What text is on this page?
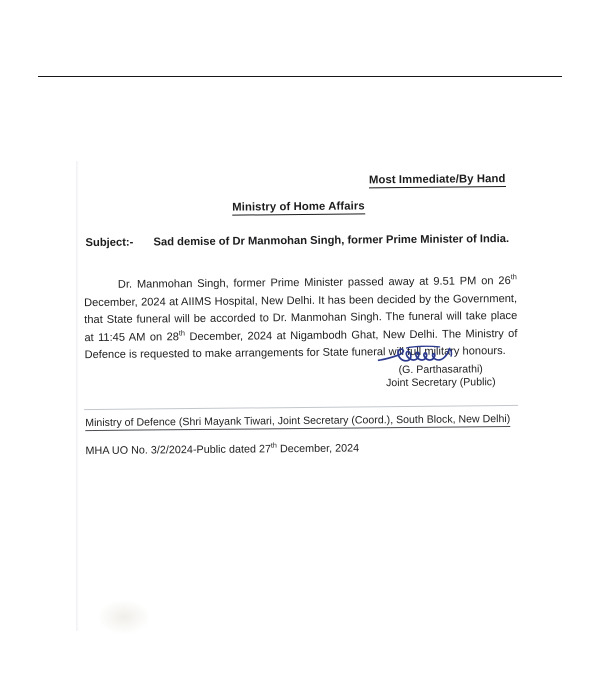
Most Immediate/By Hand
Ministry of Home Affairs
Subject:- Sad demise of Dr Manmohan Singh, former Prime Minister of India.
Dr. Manmohan Singh, former Prime Minister passed away at 9.51 PM on 26th December, 2024 at AIIMS Hospital, New Delhi. It has been decided by the Government, that State funeral will be accorded to Dr. Manmohan Singh. The funeral will take place at 11:45 AM on 28th December, 2024 at Nigambodh Ghat, New Delhi. The Ministry of Defence is requested to make arrangements for State funeral will full military honours.
(G. Parthasarathi)
Joint Secretary (Public)
Ministry of Defence (Shri Mayank Tiwari, Joint Secretary (Coord.), South Block, New Delhi)
MHA UO No. 3/2/2024-Public dated 27th December, 2024
